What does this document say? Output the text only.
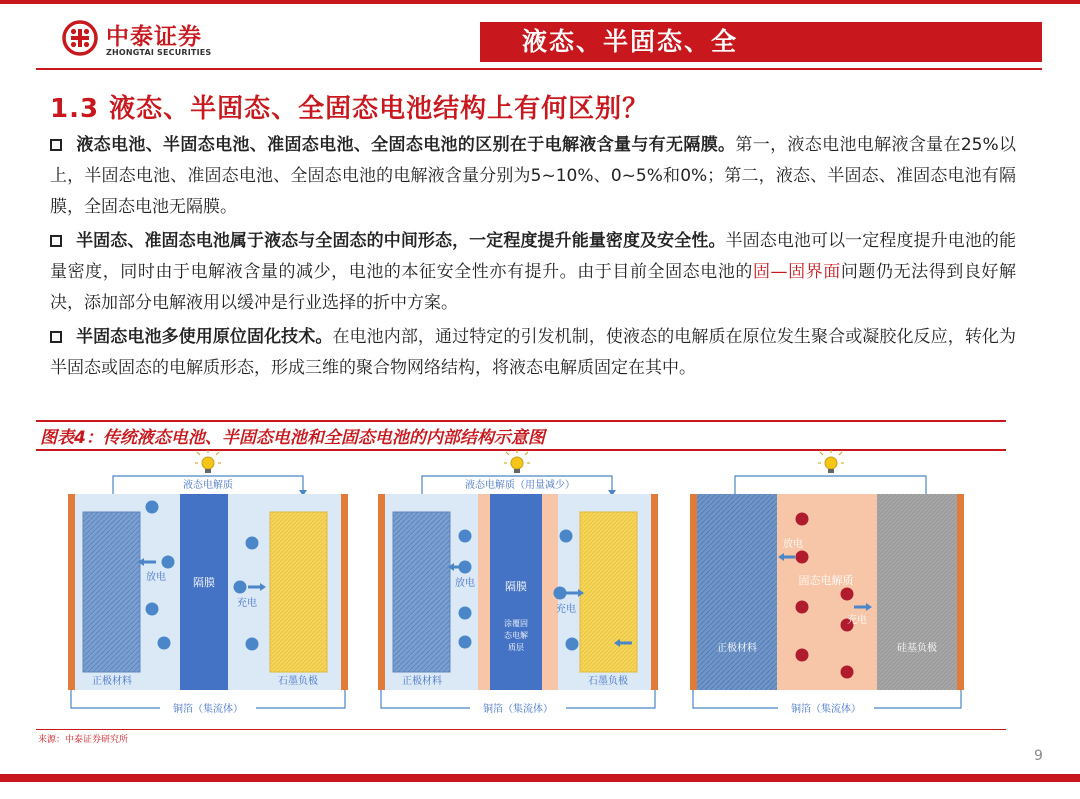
中泰证券
ZHONGTAI SECURITIES	液态、半固态、全
1.3 液态、半固态、全固态电池结构上有何区别？

液态电池、半固态电池、准固态电池、全固态电池的区别在于电解液含量与有无隔膜。第一，液态电池电解液含量在25%以上，半固态电池、准固态电池、全固态电池的电解液含量分别为5~10%、0~5%和0%；第二，液态、半固态、准固态电池有隔膜，全固态电池无隔膜。

半固态、准固态电池属于液态与全固态的中间形态，一定程度提升能量密度及安全性。半固态电池可以一定程度提升电池的能量密度，同时由于电解液含量的减少，电池的本征安全性亦有提升。由于目前全固态电池的固—固界面问题仍无法得到良好解决，添加部分电解液用以缓冲是行业选择的折中方案。

半固态电池多使用原位固化技术。在电池内部，通过特定的引发机制，使液态的电解质在原位发生聚合或凝胶化反应，转化为半固态或固态的电解质形态，形成三维的聚合物网络结构，将液态电解质固定在其中。

图表4：传统液态电池、半固态电池和全固态电池的内部结构示意图
液态电解质
放电 隔膜
充电
正极材料	石墨负极
铜箔（集流体）
液态电解质（用量减少）
放电	隔膜
充电
涂覆固
态电解
质层
正极材料	石墨负极
铜箔（集流体）
放电
固态电解质
充电
正极材料	硅基负极
铜箔（集流体）
来源：中泰证券研究所
9
